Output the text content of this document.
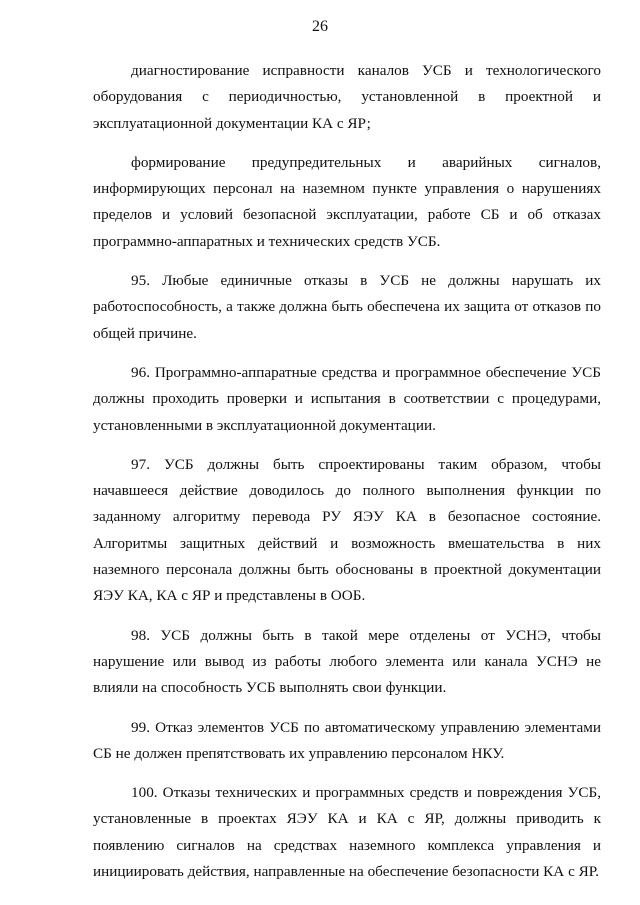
26

диагностирование исправности каналов УСБ и технологического оборудования с периодичностью, установленной в проектной и эксплуатационной документации КА с ЯР;

формирование предупредительных и аварийных сигналов, информирующих персонал на наземном пункте управления о нарушениях пределов и условий безопасной эксплуатации, работе СБ и об отказах программно-аппаратных и технических средств УСБ.

95. Любые единичные отказы в УСБ не должны нарушать их работоспособность, а также должна быть обеспечена их защита от отказов по общей причине.

96. Программно-аппаратные средства и программное обеспечение УСБ должны проходить проверки и испытания в соответствии с процедурами, установленными в эксплуатационной документации.

97. УСБ должны быть спроектированы таким образом, чтобы начавшееся действие доводилось до полного выполнения функции по заданному алгоритму перевода РУ ЯЭУ КА в безопасное состояние. Алгоритмы защитных действий и возможность вмешательства в них наземного персонала должны быть обоснованы в проектной документации ЯЭУ КА, КА с ЯР и представлены в ООБ.

98. УСБ должны быть в такой мере отделены от УСНЭ, чтобы нарушение или вывод из работы любого элемента или канала УСНЭ не влияли на способность УСБ выполнять свои функции.

99. Отказ элементов УСБ по автоматическому управлению элементами СБ не должен препятствовать их управлению персоналом НКУ.

100. Отказы технических и программных средств и повреждения УСБ, установленные в проектах ЯЭУ КА и КА с ЯР, должны приводить к появлению сигналов на средствах наземного комплекса управления и инициировать действия, направленные на обеспечение безопасности КА с ЯР.
